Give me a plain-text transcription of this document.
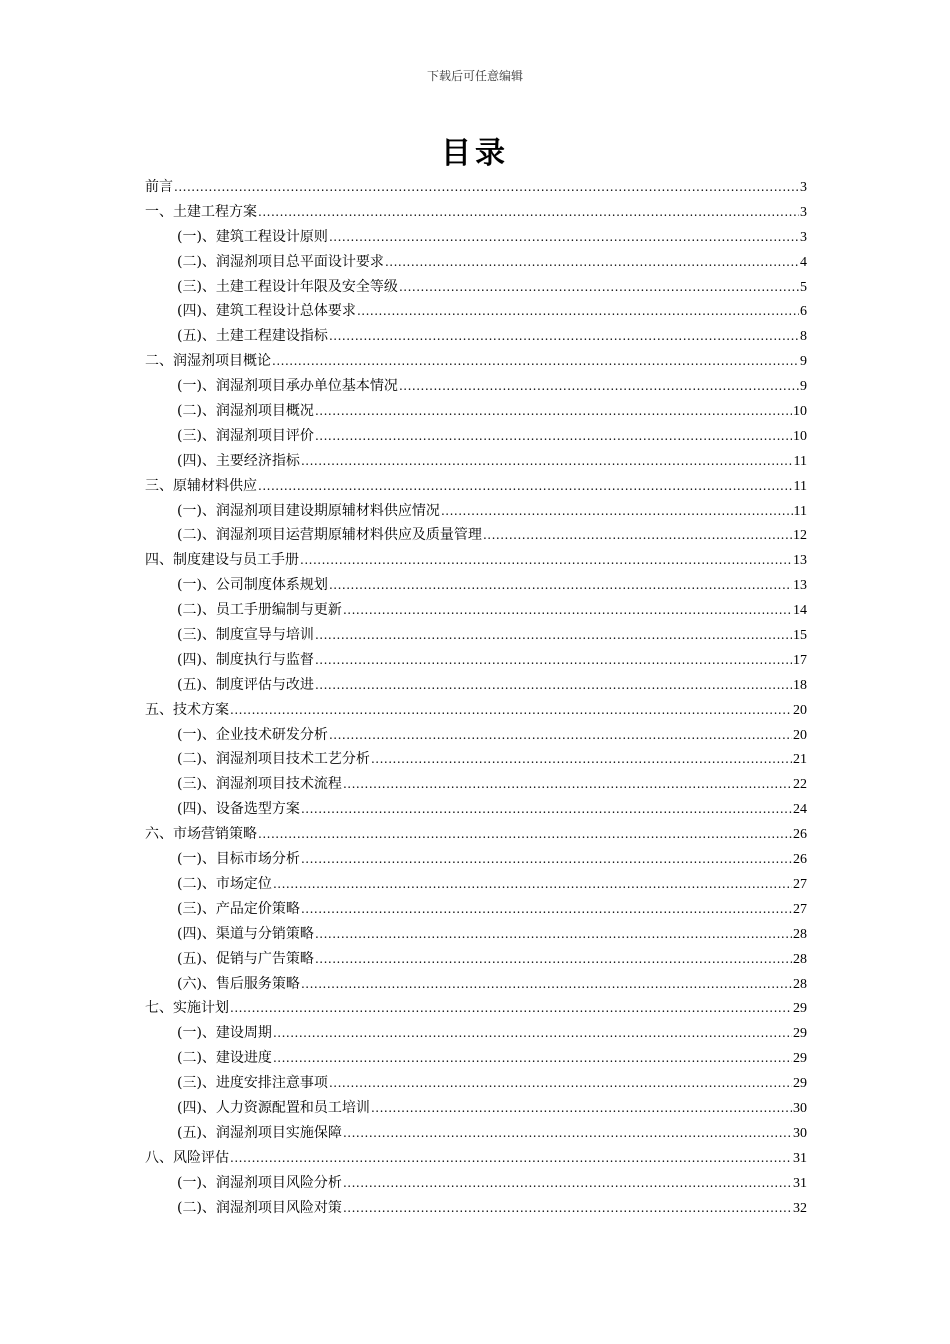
下载后可任意编辑
目录
前言 .....	3
一、土建工程方案 .....	3
(一)、建筑工程设计原则 .....	3
(二)、润湿剂项目总平面设计要求 .....	4
(三)、土建工程设计年限及安全等级 .....	5
(四)、建筑工程设计总体要求 .....	6
(五)、土建工程建设指标 .....	8
二、润湿剂项目概论 .....	9
(一)、润湿剂项目承办单位基本情况 .....	9
(二)、润湿剂项目概况 .....	10
(三)、润湿剂项目评价 .....	10
(四)、主要经济指标 .....	11
三、原辅材料供应 .....	11
(一)、润湿剂项目建设期原辅材料供应情况 .....	11
(二)、润湿剂项目运营期原辅材料供应及质量管理 .....	12
四、制度建设与员工手册 .....	13
(一)、公司制度体系规划 .....	13
(二)、员工手册编制与更新 .....	14
(三)、制度宣导与培训 .....	15
(四)、制度执行与监督 .....	17
(五)、制度评估与改进 .....	18
五、技术方案 .....	20
(一)、企业技术研发分析 .....	20
(二)、润湿剂项目技术工艺分析 .....	21
(三)、润湿剂项目技术流程 .....	22
(四)、设备选型方案 .....	24
六、市场营销策略 .....	26
(一)、目标市场分析 .....	26
(二)、市场定位 .....	27
(三)、产品定价策略 .....	27
(四)、渠道与分销策略 .....	28
(五)、促销与广告策略 .....	28
(六)、售后服务策略 .....	28
七、实施计划 .....	29
(一)、建设周期 .....	29
(二)、建设进度 .....	29
(三)、进度安排注意事项 .....	29
(四)、人力资源配置和员工培训 .....	30
(五)、润湿剂项目实施保障 .....	30
八、风险评估 .....	31
(一)、润湿剂项目风险分析 .....	31
(二)、润湿剂项目风险对策 .....	32
